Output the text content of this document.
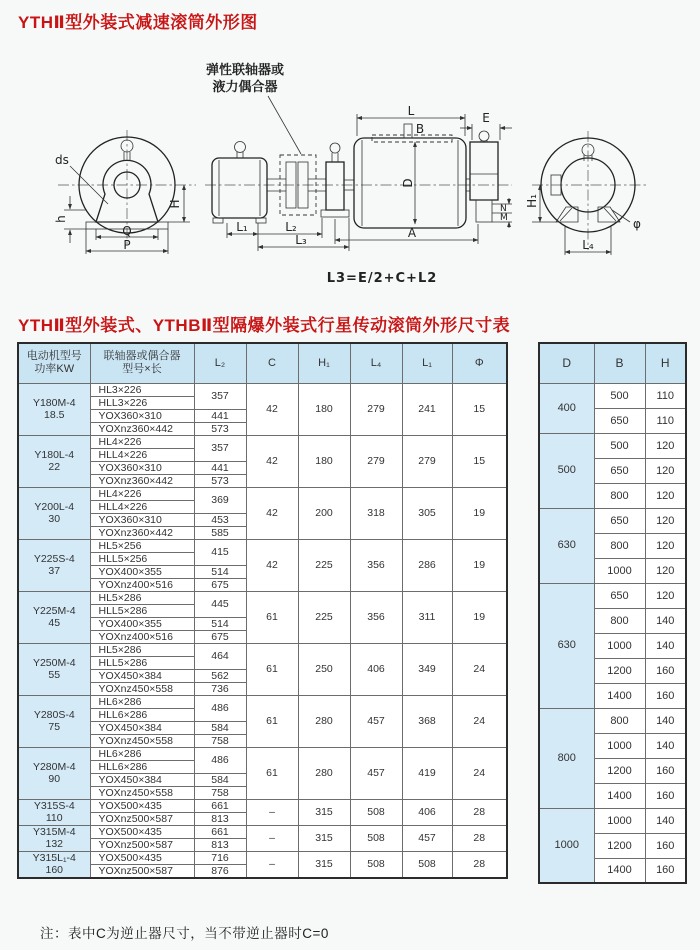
YTHⅡ型外装式减速滚筒外形图
弹性联轴器或
液力偶合器
ds
h
H
Q
P
L₁	L₂
L₃
L
B
D
A
E
N
M
H₁
L₄
φ
L3=E/2+C+L2
YTHⅡ型外装式、YTHBⅡ型隔爆外装式行星传动滚筒外形尺寸表
电动机型号
功率KW

联轴器或偶合器
型号×长
	L₂	C	H₁	L₄	L₁	Φ

Y180M-4
18.5	HL3×226	357	42	180	279	241	15
	HLL3×226						
	YOX360×310	441					
	YOXnz360×442	573					

Y180L-4
22	HL4×226	357	42	180	279	279	15
	HLL4×226						
	YOX360×310	441					
	YOXnz360×442	573					

Y200L-4
30	HL4×226	369	42	200	318	305	19
	HLL4×226						
	YOX360×310	453					
	YOXnz360×442	585					

Y225S-4
37	HL5×256	415	42	225	356	286	19
	HLL5×256						
	YOX400×355	514					
	YOXnz400×516	675					

Y225M-4
45	HL5×286	445	61	225	356	311	19
	HLL5×286						
	YOX400×355	514					
	YOXnz400×516	675					

Y250M-4
55	HL5×286	464	61	250	406	349	24
	HLL5×286						
	YOX450×384	562					
	YOXnz450×558	736					

Y280S-4
75	HL6×286	486	61	280	457	368	24
	HLL6×286						
	YOX450×384	584					
	YOXnz450×558	758					

Y280M-4
90	HL6×286	486	61	280	457	419	24
	HLL6×286						
	YOX450×384	584					
	YOXnz450×558	758					

Y315S-4
110	YOX500×435	661	–	315	508	406	28
	YOXnz500×587	813					

Y315M-4
132	YOX500×435	661	–	315	508	457	28
	YOXnz500×587	813					

Y315L₁-4
160	YOX500×435	716	–	315	508	508	28
	YOXnz500×587	876					
D	B	H
400	500	110
	650	110
500	500	120
	650	120
	800	120
630	650	120
	800	120
	1000	120
630	650	120
	800	140
	1000	140
	1200	160
	1400	160
800	800	140
	1000	140
	1200	160
	1400	160
1000	1000	140
	1200	160
	1400	160
注：表中C为逆止器尺寸，当不带逆止器时C=0
